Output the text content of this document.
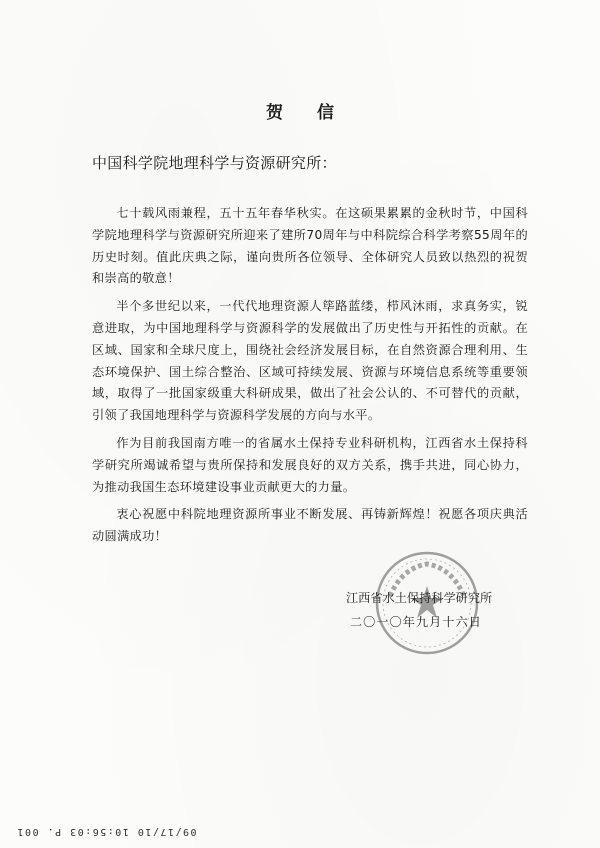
贺 信
中国科学院地理科学与资源研究所：

七十载风雨兼程，五十五年春华秋实。在这硕果累累的金秋时节，中国科学院地理科学与资源研究所迎来了建所70周年与中科院综合科学考察55周年的历史时刻。值此庆典之际，谨向贵所各位领导、全体研究人员致以热烈的祝贺和崇高的敬意！

半个多世纪以来，一代代地理资源人筚路蓝缕，栉风沐雨，求真务实，锐意进取，为中国地理科学与资源科学的发展做出了历史性与开拓性的贡献。在区域、国家和全球尺度上，围绕社会经济发展目标，在自然资源合理利用、生态环境保护、国土综合整治、区域可持续发展、资源与环境信息系统等重要领域，取得了一批国家级重大科研成果，做出了社会公认的、不可替代的贡献，引领了我国地理科学与资源科学发展的方向与水平。

作为目前我国南方唯一的省属水土保持专业科研机构，江西省水土保持科学研究所竭诚希望与贵所保持和发展良好的双方关系，携手共进，同心协力，为推动我国生态环境建设事业贡献更大的力量。

衷心祝愿中科院地理资源所事业不断发展、再铸新辉煌！祝愿各项庆典活动圆满成功！

江西省水土保持科学研究所
二〇一〇年九月十六日
09/17/10 10:56:03 P. 001
